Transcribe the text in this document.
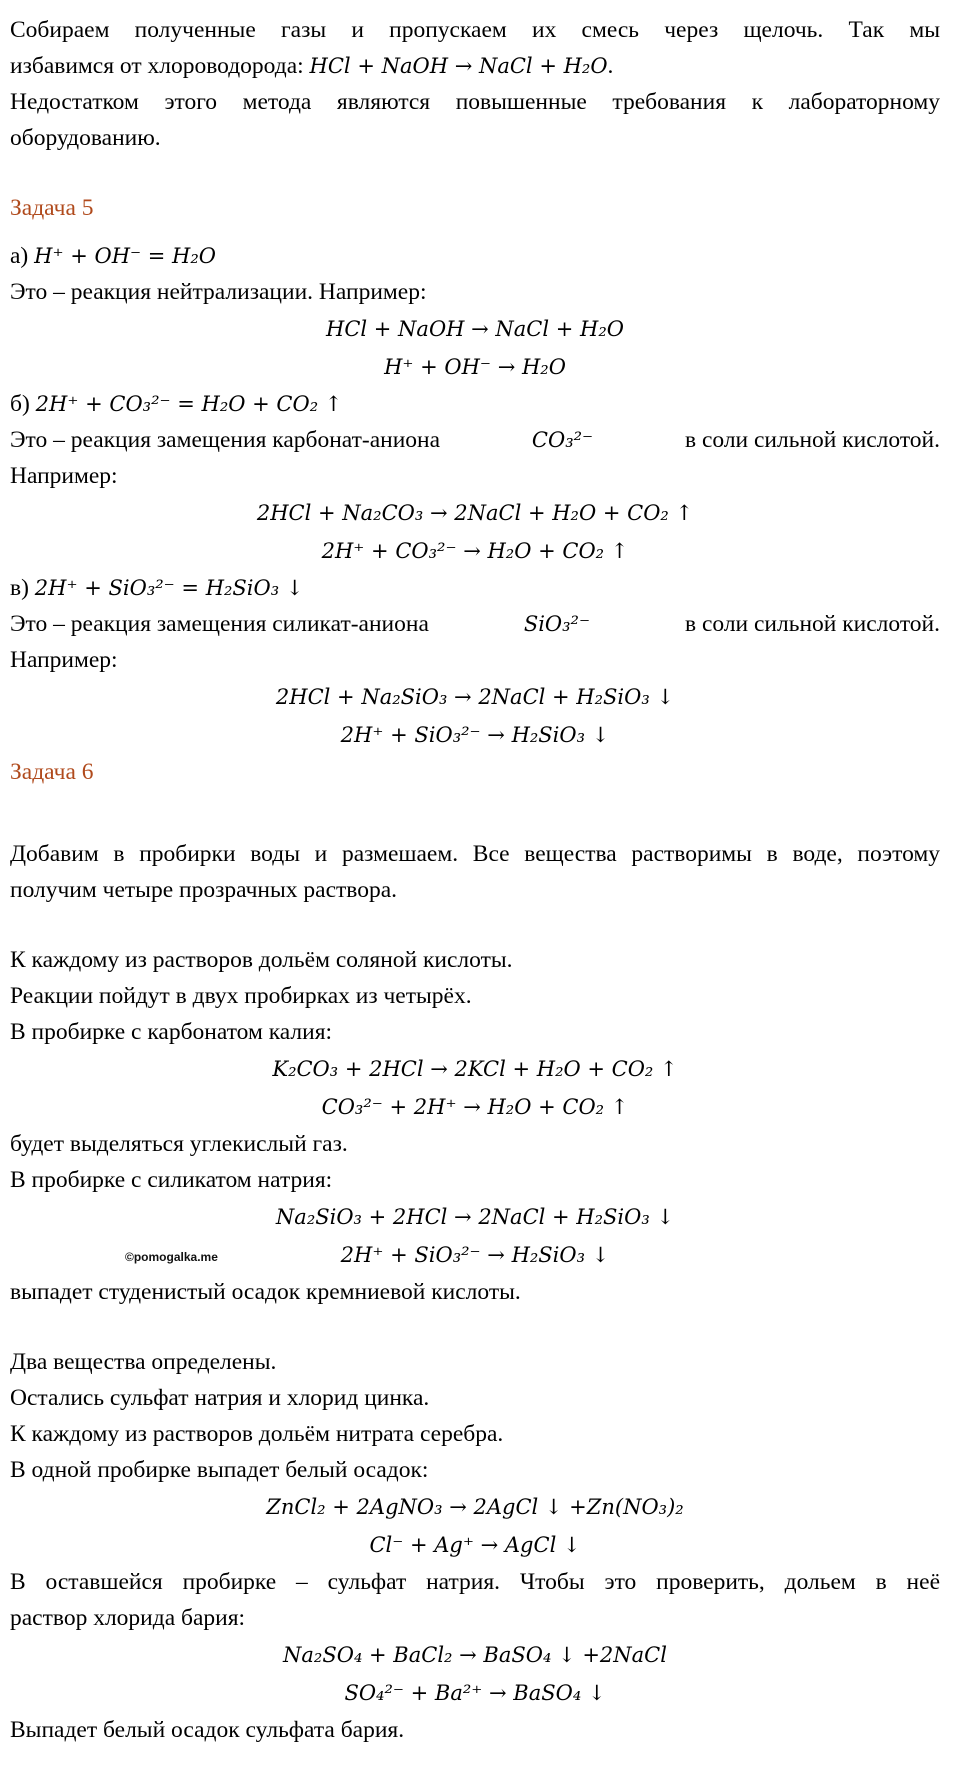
Собираем полученные газы и пропускаем их смесь через щелочь. Так мы
избавимся от хлороводорода: HCl + NaOH → NaCl + H₂O.
Недостатком этого метода являются повышенные требования к лабораторному
оборудованию.
Задача 5
а) H⁺ + OH⁻ = H₂O
Это – реакция нейтрализации. Например:
HCl + NaOH → NaCl + H₂O
H⁺ + OH⁻ → H₂O
б) 2H⁺ + CO₃²⁻ = H₂O + CO₂ ↑
Это – реакция замещения карбонат-аниона	CO₃²⁻	в соли сильной кислотой.
Например:
2HCl + Na₂CO₃ → 2NaCl + H₂O + CO₂ ↑
2H⁺ + CO₃²⁻ → H₂O + CO₂ ↑
в) 2H⁺ + SiO₃²⁻ = H₂SiO₃ ↓
Это – реакция замещения силикат-аниона	SiO₃²⁻	в соли сильной кислотой.
Например:
2HCl + Na₂SiO₃ → 2NaCl + H₂SiO₃ ↓
2H⁺ + SiO₃²⁻ → H₂SiO₃ ↓
Задача 6
Добавим в пробирки воды и размешаем. Все вещества растворимы в воде, поэтому
получим четыре прозрачных раствора.
К каждому из растворов дольём соляной кислоты.
Реакции пойдут в двух пробирках из четырёх.
В пробирке с карбонатом калия:
K₂CO₃ + 2HCl → 2KCl + H₂O + CO₂ ↑
CO₃²⁻ + 2H⁺ → H₂O + CO₂ ↑
будет выделяться углекислый газ.
В пробирке с силикатом натрия:
Na₂SiO₃ + 2HCl → 2NaCl + H₂SiO₃ ↓
2H⁺ + SiO₃²⁻ → H₂SiO₃ ↓
выпадет студенистый осадок кремниевой кислоты.
Два вещества определены.
Остались сульфат натрия и хлорид цинка.
К каждому из растворов дольём нитрата серебра.
В одной пробирке выпадет белый осадок:
ZnCl₂ + 2AgNO₃ → 2AgCl ↓ +Zn(NO₃)₂
Cl⁻ + Ag⁺ → AgCl ↓
В оставшейся пробирке – сульфат натрия. Чтобы это проверить, дольем в неё
раствор хлорида бария:
Na₂SO₄ + BaCl₂ → BaSO₄ ↓ +2NaCl
SO₄²⁻ + Ba²⁺ → BaSO₄ ↓
Выпадет белый осадок сульфата бария.
©pomogalka.me
